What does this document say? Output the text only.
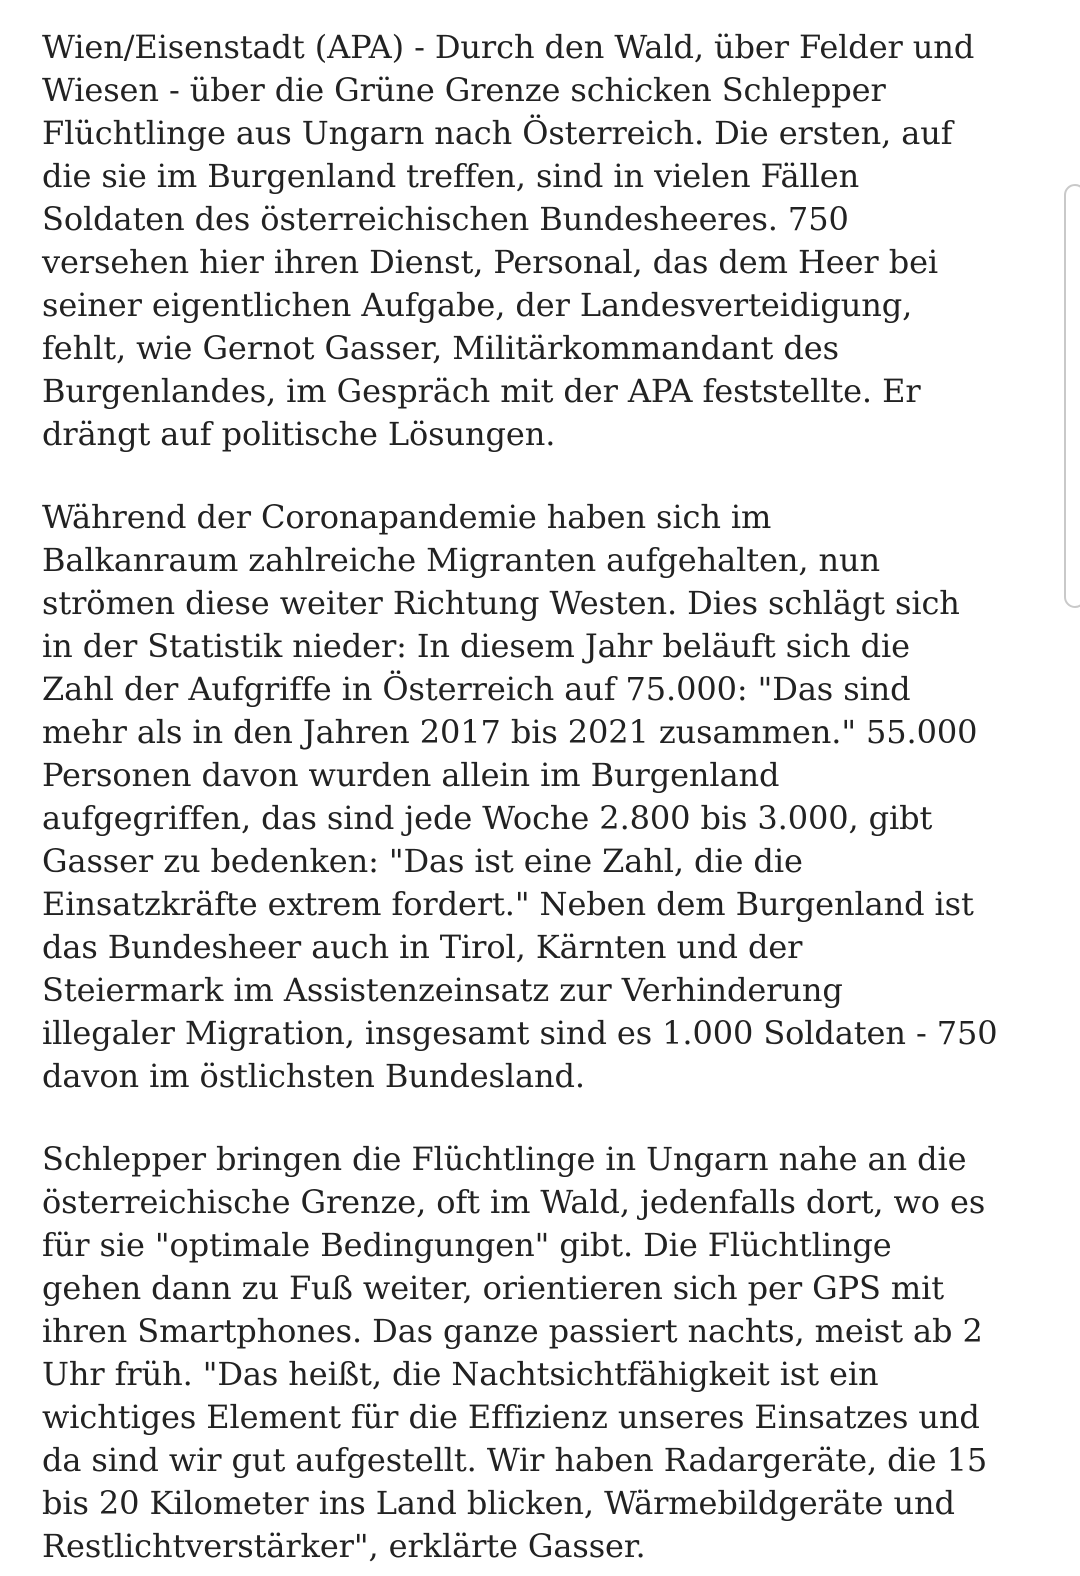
Wien/Eisenstadt (APA) - Durch den Wald, über Felder und
Wiesen - über die Grüne Grenze schicken Schlepper
Flüchtlinge aus Ungarn nach Österreich. Die ersten, auf
die sie im Burgenland treffen, sind in vielen Fällen
Soldaten des österreichischen Bundesheeres. 750
versehen hier ihren Dienst, Personal, das dem Heer bei
seiner eigentlichen Aufgabe, der Landesverteidigung,
fehlt, wie Gernot Gasser, Militärkommandant des
Burgenlandes, im Gespräch mit der APA feststellte. Er
drängt auf politische Lösungen.

Während der Coronapandemie haben sich im
Balkanraum zahlreiche Migranten aufgehalten, nun
strömen diese weiter Richtung Westen. Dies schlägt sich
in der Statistik nieder: In diesem Jahr beläuft sich die
Zahl der Aufgriffe in Österreich auf 75.000: "Das sind
mehr als in den Jahren 2017 bis 2021 zusammen." 55.000
Personen davon wurden allein im Burgenland
aufgegriffen, das sind jede Woche 2.800 bis 3.000, gibt
Gasser zu bedenken: "Das ist eine Zahl, die die
Einsatzkräfte extrem fordert." Neben dem Burgenland ist
das Bundesheer auch in Tirol, Kärnten und der
Steiermark im Assistenzeinsatz zur Verhinderung
illegaler Migration, insgesamt sind es 1.000 Soldaten - 750
davon im östlichsten Bundesland.

Schlepper bringen die Flüchtlinge in Ungarn nahe an die
österreichische Grenze, oft im Wald, jedenfalls dort, wo es
für sie "optimale Bedingungen" gibt. Die Flüchtlinge
gehen dann zu Fuß weiter, orientieren sich per GPS mit
ihren Smartphones. Das ganze passiert nachts, meist ab 2
Uhr früh. "Das heißt, die Nachtsichtfähigkeit ist ein
wichtiges Element für die Effizienz unseres Einsatzes und
da sind wir gut aufgestellt. Wir haben Radargeräte, die 15
bis 20 Kilometer ins Land blicken, Wärmebildgeräte und
Restlichtverstärker", erklärte Gasser.
